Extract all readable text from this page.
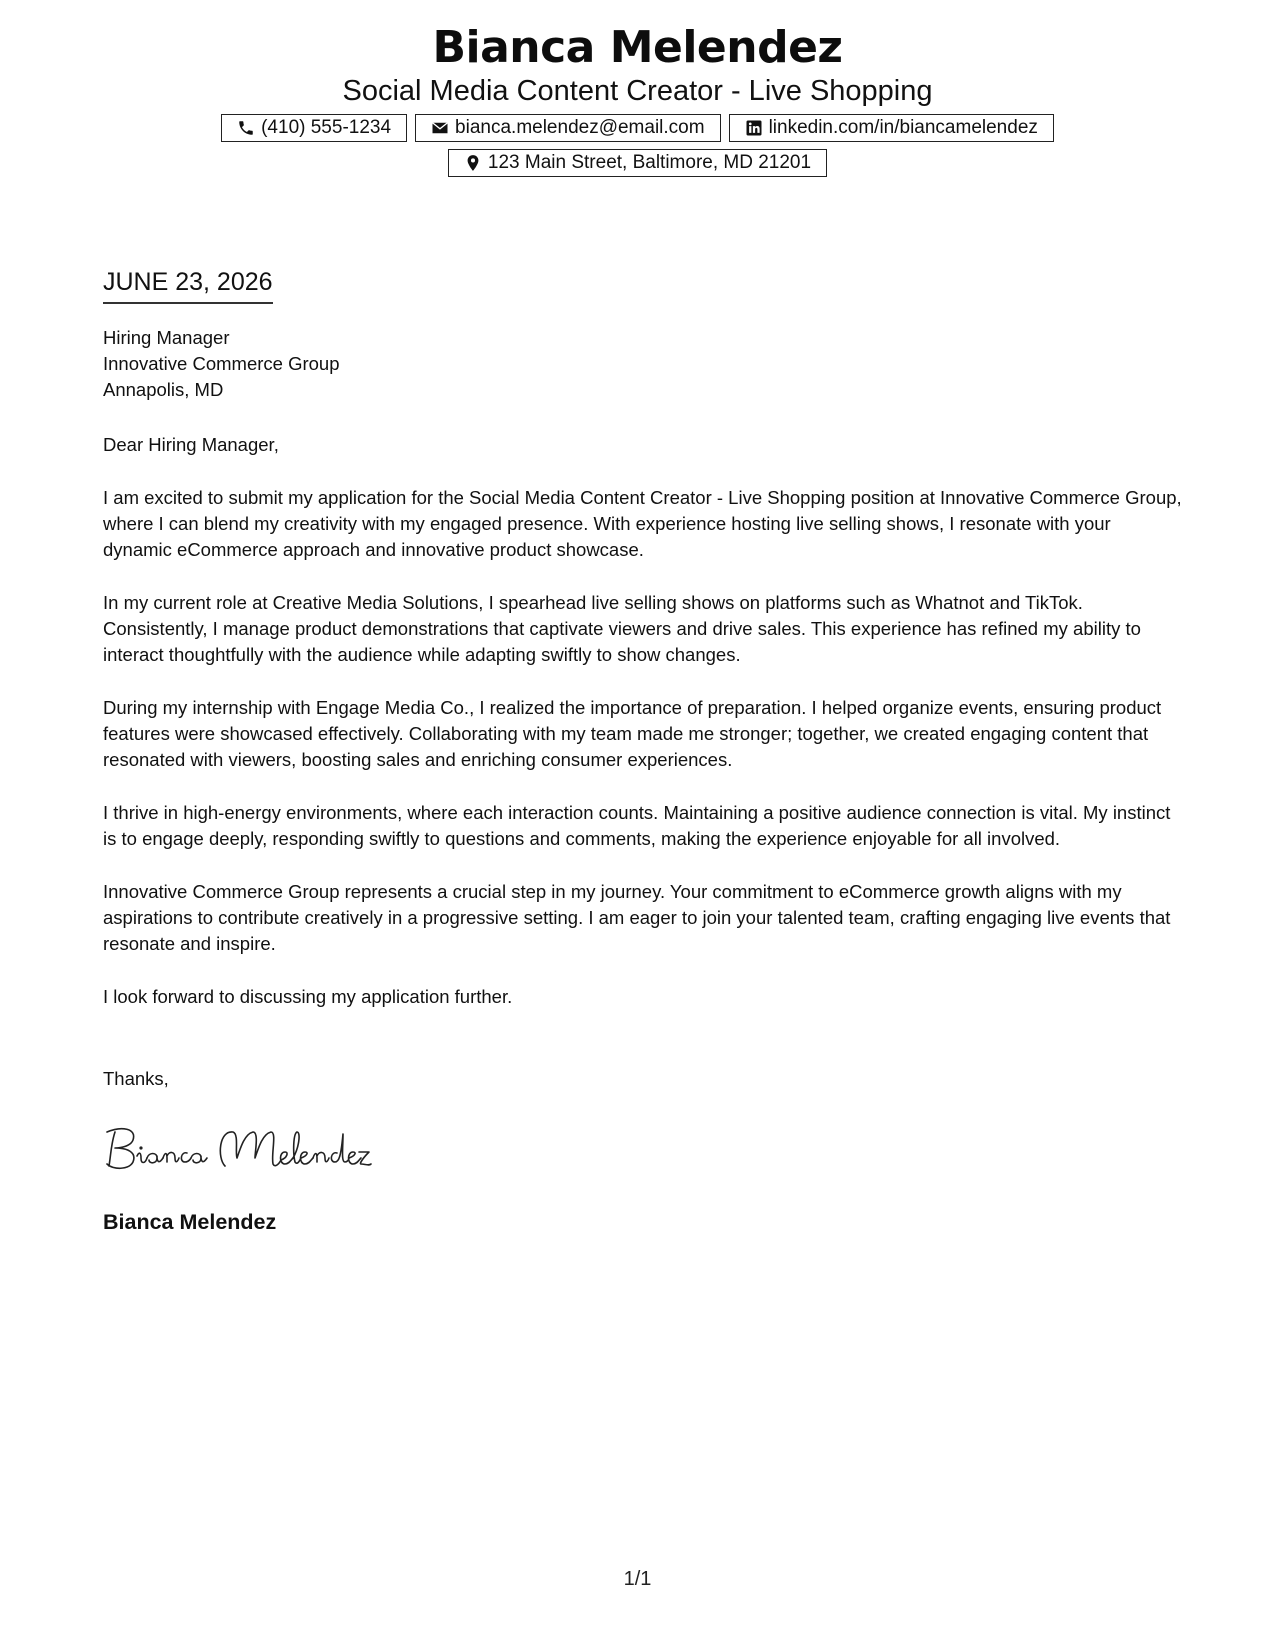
Bianca Melendez
Social Media Content Creator - Live Shopping
(410) 555-1234	bianca.melendez@email.com	linkedin.com/in/biancamelendez
123 Main Street, Baltimore, MD 21201
JUNE 23, 2026
Hiring Manager
Innovative Commerce Group
Annapolis, MD

Dear Hiring Manager,

I am excited to submit my application for the Social Media Content Creator - Live Shopping position at Innovative Commerce Group, where I can blend my creativity with my engaged presence. With experience hosting live selling shows, I resonate with your dynamic eCommerce approach and innovative product showcase.

In my current role at Creative Media Solutions, I spearhead live selling shows on platforms such as Whatnot and TikTok. Consistently, I manage product demonstrations that captivate viewers and drive sales. This experience has refined my ability to interact thoughtfully with the audience while adapting swiftly to show changes.

During my internship with Engage Media Co., I realized the importance of preparation. I helped organize events, ensuring product features were showcased effectively. Collaborating with my team made me stronger; together, we created engaging content that resonated with viewers, boosting sales and enriching consumer experiences.

I thrive in high-energy environments, where each interaction counts. Maintaining a positive audience connection is vital. My instinct is to engage deeply, responding swiftly to questions and comments, making the experience enjoyable for all involved.

Innovative Commerce Group represents a crucial step in my journey. Your commitment to eCommerce growth aligns with my aspirations to contribute creatively in a progressive setting. I am eager to join your talented team, crafting engaging live events that resonate and inspire.

I look forward to discussing my application further.

Thanks,
Bianca Melendez
1/1
